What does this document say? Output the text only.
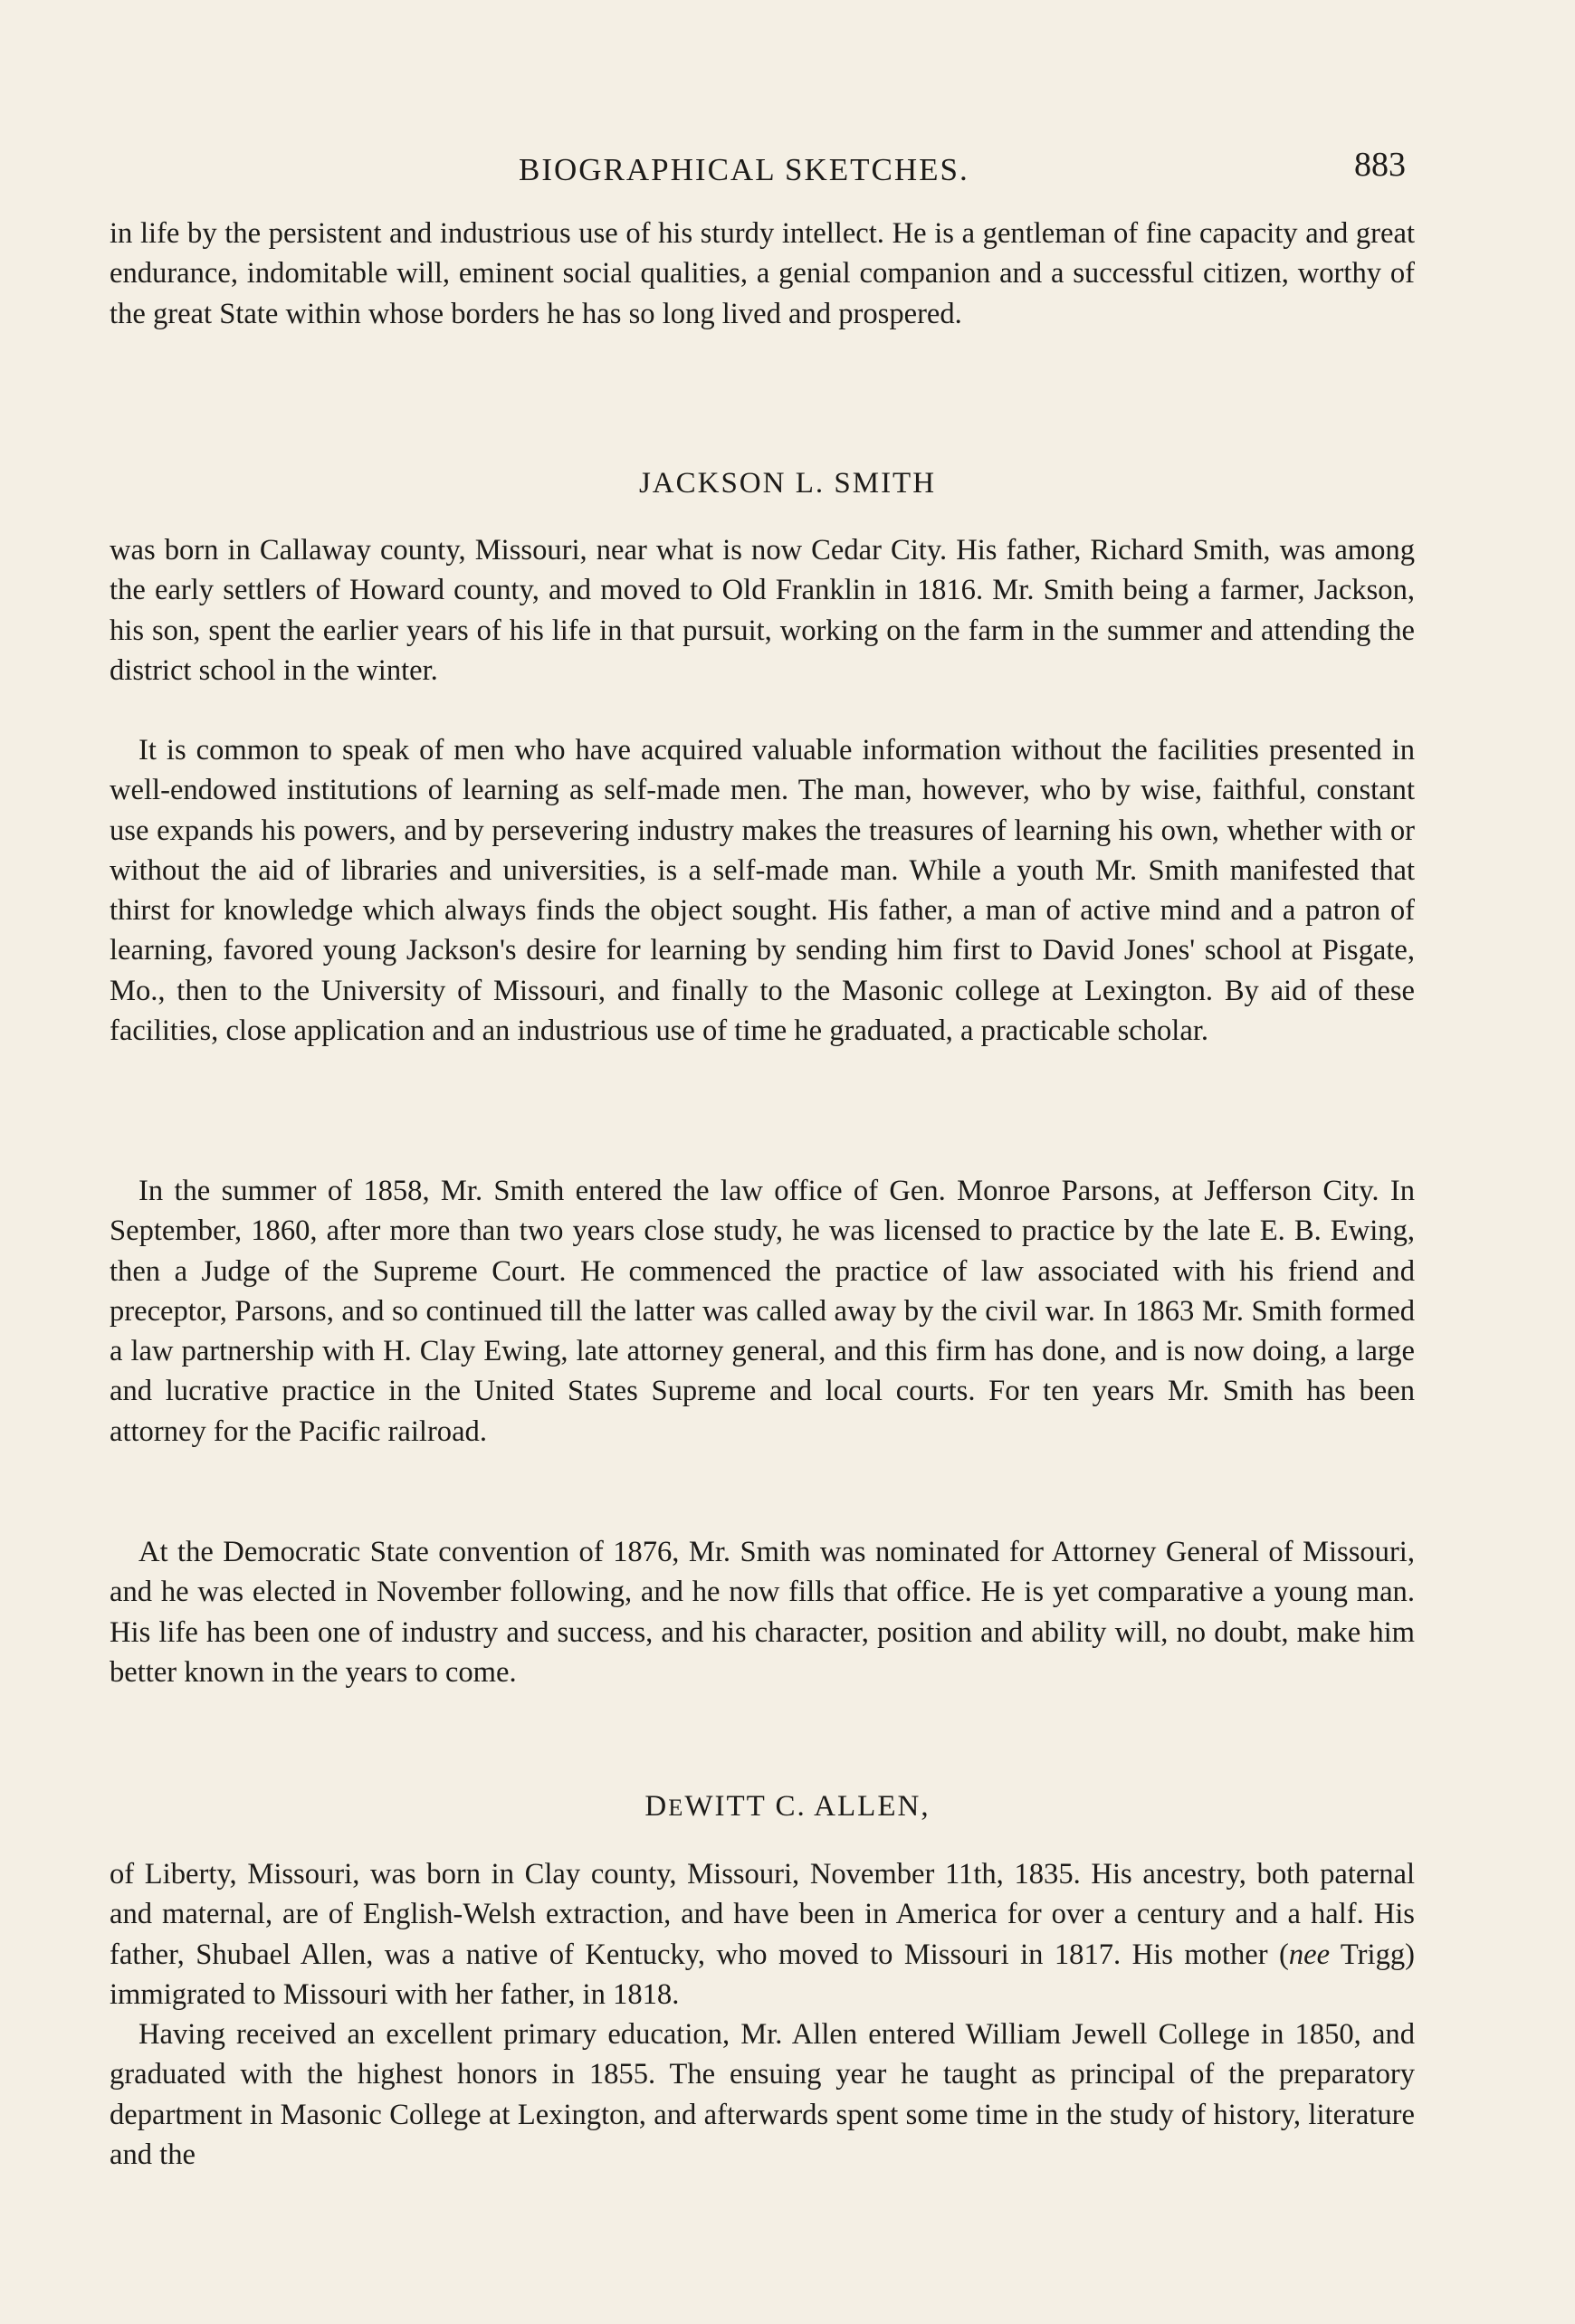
BIOGRAPHICAL SKETCHES.	883

in life by the persistent and industrious use of his sturdy intellect. He is a gentleman of fine capacity and great endurance, indomitable will, eminent social qualities, a genial companion and a successful citizen, worthy of the great State within whose borders he has so long lived and prospered.

JACKSON L. SMITH

was born in Callaway county, Missouri, near what is now Cedar City. His father, Richard Smith, was among the early settlers of Howard county, and moved to Old Franklin in 1816. Mr. Smith being a farmer, Jackson, his son, spent the earlier years of his life in that pursuit, working on the farm in the summer and attending the district school in the winter.

It is common to speak of men who have acquired valuable information without the facilities presented in well-endowed institutions of learning as self-made men. The man, however, who by wise, faithful, constant use expands his powers, and by persevering industry makes the treasures of learning his own, whether with or without the aid of libraries and universities, is a self-made man. While a youth Mr. Smith manifested that thirst for knowledge which always finds the object sought. His father, a man of active mind and a patron of learning, favored young Jackson's desire for learning by sending him first to David Jones' school at Pisgate, Mo., then to the University of Missouri, and finally to the Masonic college at Lexington. By aid of these facilities, close application and an industrious use of time he graduated, a practicable scholar.

In the summer of 1858, Mr. Smith entered the law office of Gen. Monroe Parsons, at Jefferson City. In September, 1860, after more than two years close study, he was licensed to practice by the late E. B. Ewing, then a Judge of the Supreme Court. He commenced the practice of law associated with his friend and preceptor, Parsons, and so continued till the latter was called away by the civil war. In 1863 Mr. Smith formed a law partnership with H. Clay Ewing, late attorney general, and this firm has done, and is now doing, a large and lucrative practice in the United States Supreme and local courts. For ten years Mr. Smith has been attorney for the Pacific railroad.

At the Democratic State convention of 1876, Mr. Smith was nominated for Attorney General of Missouri, and he was elected in November following, and he now fills that office. He is yet comparative a young man. His life has been one of industry and success, and his character, position and ability will, no doubt, make him better known in the years to come.

DEWITT C. ALLEN,

of Liberty, Missouri, was born in Clay county, Missouri, November 11th, 1835. His ancestry, both paternal and maternal, are of English-Welsh extraction, and have been in America for over a century and a half. His father, Shubael Allen, was a native of Kentucky, who moved to Missouri in 1817. His mother (nee Trigg) immigrated to Missouri with her father, in 1818.

Having received an excellent primary education, Mr. Allen entered William Jewell College in 1850, and graduated with the highest honors in 1855. The ensuing year he taught as principal of the preparatory department in Masonic College at Lexington, and afterwards spent some time in the study of history, literature and the
